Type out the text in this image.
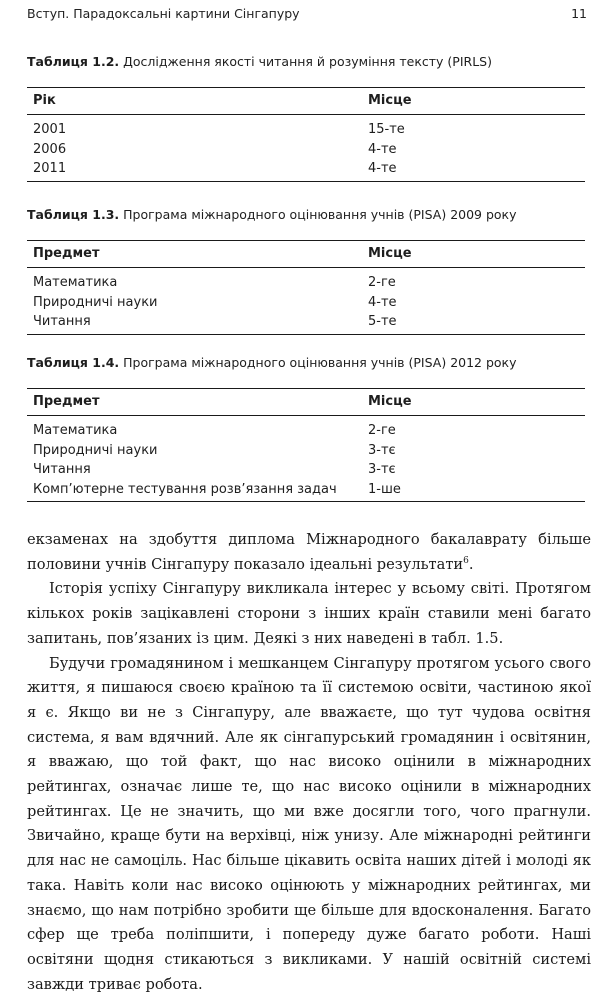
Вступ. Парадоксальні картини Сінгапуру	11
Таблиця 1.2. Дослідження якості читання й розуміння тексту (PIRLS)
Рік	Місце
2001	15-те
2006	4-те
2011	4-те
Таблиця 1.3. Програма міжнародного оцінювання учнів (PISA) 2009 року
Предмет	Місце
Математика	2-ге
Природничі науки	4-те
Читання	5-те
Таблиця 1.4. Програма міжнародного оцінювання учнів (PISA) 2012 року
Предмет	Місце
Математика	2-ге
Природничі науки	3-тє
Читання	3-тє
Комп’ютерне тестування розв’язання задач 1-ше

екзаменах на здобуття диплома Міжнародного бакалаврату більше половини учнів Сінгапуру показало ідеальні результати$^6$.

Історія успіху Сінгапуру викликала інтерес у всьому світі. Протягом кількох років зацікавлені сторони з інших країн ставили мені багато запитань, пов’язаних із цим. Деякі з них наведені в табл. 1.5.

Будучи громадянином і мешканцем Сінгапуру протягом усього свого життя, я пишаюся своєю країною та її системою освіти, частиною якої я є. Якщо ви не з Сінгапуру, але вважаєте, що тут чудова освітня система, я вам вдячний. Але як сінгапурський громадянин і освітянин, я вважаю, що той факт, що нас високо оцінили в міжнародних рейтингах, означає лише те, що нас високо оцінили в міжнародних рейтингах. Це не значить, що ми вже досягли того, чого прагнули. Звичайно, краще бути на верхівці, ніж унизу. Але міжнародні рейтинги для нас не самоціль. Нас більше цікавить освіта наших дітей і молоді як така. Навіть коли нас високо оцінюють у міжнародних рейтингах, ми знаємо, що нам потрібно зробити ще більше для вдосконалення. Багато сфер ще треба поліпшити, і попереду дуже багато роботи. Наші освітяни щодня стикаються з викликами. У нашій освітній системі завжди триває робота.
